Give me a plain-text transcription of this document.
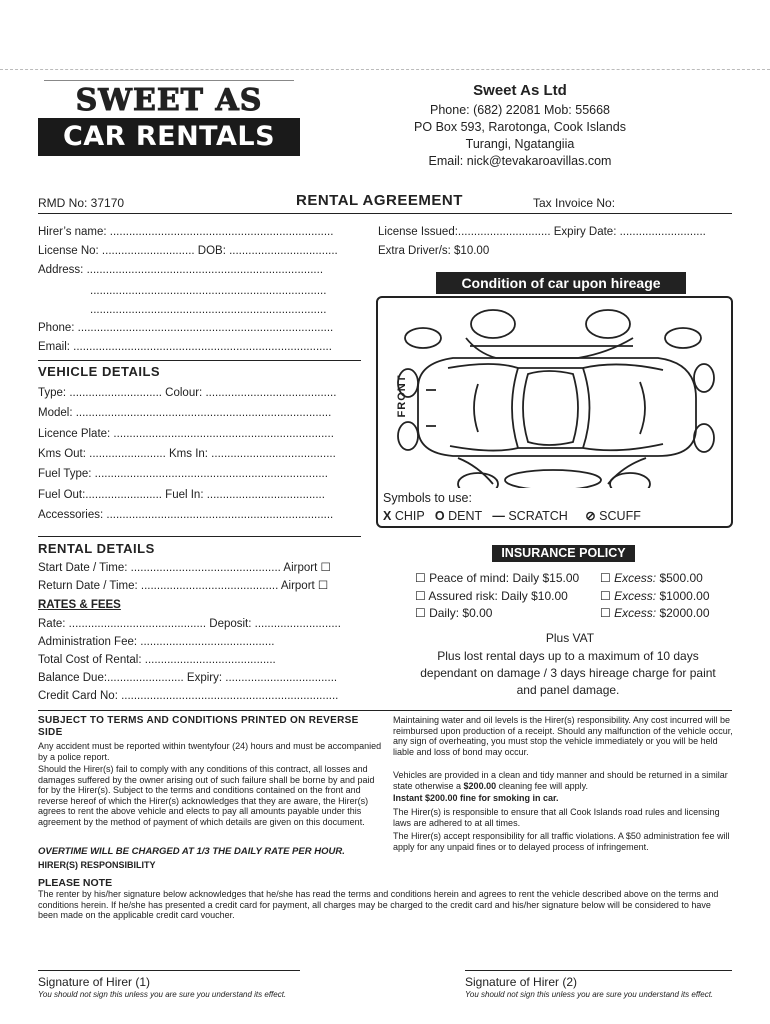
SWEET AS
CAR RENTALS
Sweet As Ltd
Phone: (682) 22081 Mob: 55668
PO Box 593, Rarotonga, Cook Islands
Turangi, Ngatangiia
Email: nick@tevakaroavillas.com
RMD No: 37170	RENTAL AGREEMENT	Tax Invoice No:
Hirer’s name: ......................................................................
License No: ............................. DOB: ..................................
Address: ..........................................................................
..........................................................................
..........................................................................
Phone: ................................................................................
Email: .................................................................................
License Issued:............................. Expiry Date: ...........................
Extra Driver/s: $10.00
VEHICLE DETAILS
Type: ............................. Colour: .........................................
Model: ................................................................................
Licence Plate: .....................................................................
Kms Out: ........................ Kms In: .......................................
Fuel Type: .........................................................................
Fuel Out:........................ Fuel In: .....................................
Accessories: .......................................................................
Condition of car upon hireage
FRONT
Symbols to use:
X CHIP O DENT — SCRATCH ⊘ SCUFF
RENTAL DETAILS
Start Date / Time: ............................................... Airport ☐
Return Date / Time: ........................................... Airport ☐
RATES & FEES
Rate: ........................................... Deposit: ...........................
Administration Fee: ..........................................
Total Cost of Rental: .........................................
Balance Due:........................ Expiry: ...................................
Credit Card No: ....................................................................
INSURANCE POLICY
☐ Peace of mind: Daily $15.00
☐ Assured risk: Daily $10.00
☐ Daily: $0.00
☐ Excess: $500.00
☐ Excess: $1000.00
☐ Excess: $2000.00
Plus VAT
Plus lost rental days up to a maximum of 10 days dependant on damage / 3 days hireage charge for paint and panel damage.
SUBJECT TO TERMS AND CONDITIONS PRINTED ON REVERSE SIDE
Any accident must be reported within twentyfour (24) hours and must be accompanied by a police report.
Should the Hirer(s) fail to comply with any conditions of this contract, all losses and damages suffered by the owner arising out of such failure shall be borne by and paid for by the Hirer(s). Subject to the terms and conditions contained on the front and reverse hereof of which the Hirer(s) acknowledges that they are aware, the Hirer(s) agrees to rent the above vehicle and elects to pay all amounts payable under this agreement by the method of payment of which details are given on this document.
OVERTIME WILL BE CHARGED AT 1/3 THE DAILY RATE PER HOUR.
HIRER(S) RESPONSIBILITY
Maintaining water and oil levels is the Hirer(s) responsibility. Any cost incurred will be reimbursed upon production of a receipt. Should any malfunction of the vehicle occur, any sign of overheating, you must stop the vehicle immediately or you will be held liable and loss of bond may occur.
Vehicles are provided in a clean and tidy manner and should be returned in a similar state otherwise a $200.00 cleaning fee will apply.
Instant $200.00 fine for smoking in car.
The Hirer(s) is responsible to ensure that all Cook Islands road rules and licensing laws are adhered to at all times.
The Hirer(s) accept responsibility for all traffic violations. A $50 administration fee will apply for any unpaid fines or to delayed process of infringement.
PLEASE NOTE
The renter by his/her signature below acknowledges that he/she has read the terms and conditions herein and agrees to rent the vehicle described above on the terms and conditions herein. If he/she has presented a credit card for payment, all charges may be charged to the credit card and his/her signature below will be considered to have been made on the applicable credit card voucher.
Signature of Hirer (1)
You should not sign this unless you are sure you understand its effect.
Signature of Hirer (2)
You should not sign this unless you are sure you understand its effect.
